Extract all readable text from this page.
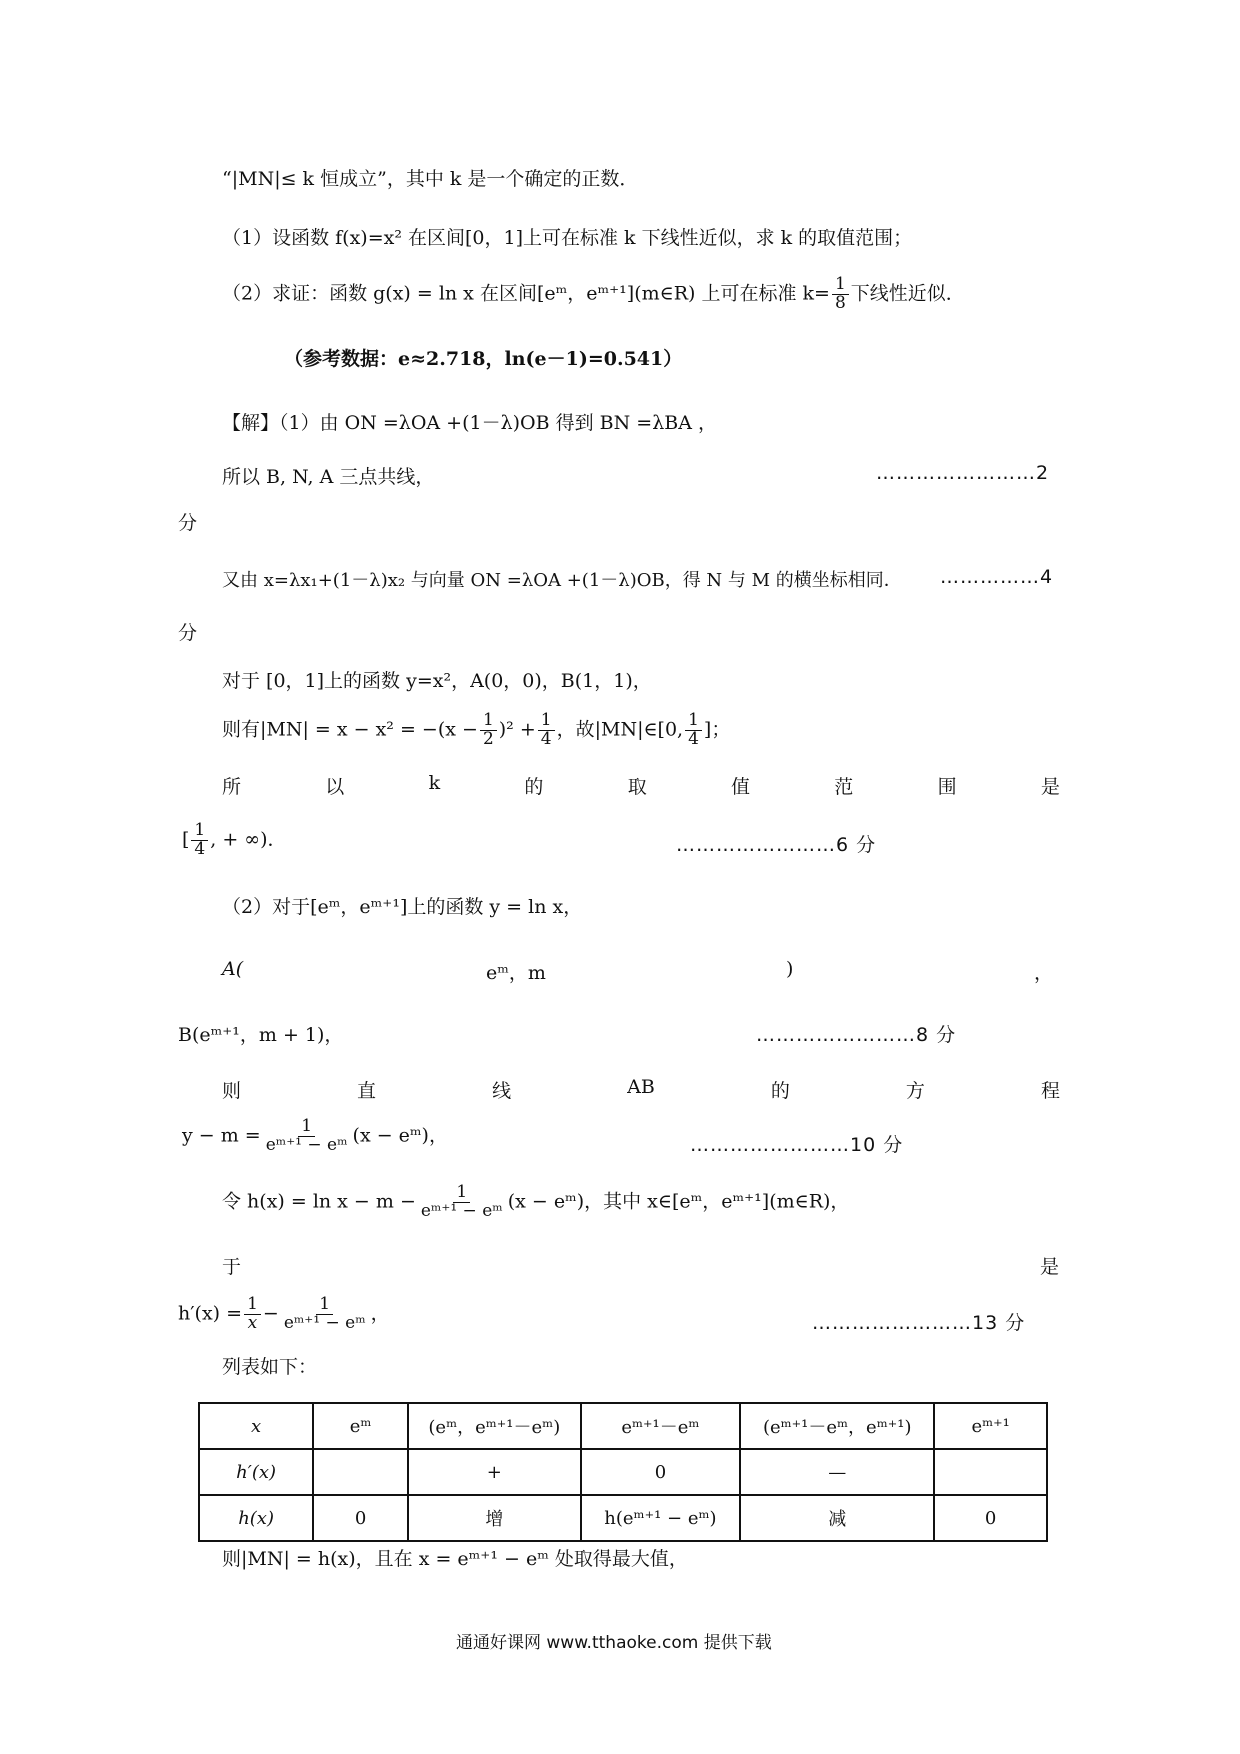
“|MN|≤ k 恒成立”，其中 k 是一个确定的正数．
（1）设函数 f(x)=x² 在区间[0，1]上可在标准 k 下线性近似，求 k 的取值范围；
（2）求证：函数 g(x) = ln x 在区间[eᵐ，eᵐ⁺¹](m∈R) 上可在标准 $k= \frac{1}{8}$ 下线性近似．
（参考数据：e≈2.718，ln(e－1)=0.541）
【解】（1）由 ON =λOA +(1－λ)OB 得到 BN =λBA ，
所以 B, N, A 三点共线，	……………………2
分
又由 x=λx₁+(1－λ)x₂ 与向量 ON =λOA +(1－λ)OB，得 N 与 M 的横坐标相同． ……………4
分
对于 [0，1]上的函数 y=x²，A(0，0)，B(1，1)，
则有$|MN| = x - x^2 = -(x - \frac{1}{2} )^2 + \frac{1}{4}$ ，故|MN|∈[0, $\frac{1}{4}$ ]；
所	以	k	的	取	值	范	围	是
[ $\frac{1}{4}$ , + ∞)．	……………………6 分
（2）对于[eᵐ，eᵐ⁺¹]上的函数 y = ln x，
A(	eᵐ，m	)	，
B(eᵐ⁺¹，m + 1)，	……………………8 分
则	直	线	AB	的	方	程
$y - m = \frac{1}{\text{eᵐ⁺¹ − eᵐ}} (x$ − eᵐ)，	……………………10 分
令 $h(x) = \ln x - m - \frac{1}{\text{eᵐ⁺¹ − eᵐ}} (x$ − eᵐ)，其中 x∈[eᵐ，eᵐ⁺¹](m∈R)，
于	是
$h'(x) = \frac{1}{x} - \frac{1}{\text{eᵐ⁺¹ − eᵐ}}$ ，	……………………13 分
列表如下：
x	eᵐ	(eᵐ，eᵐ⁺¹－eᵐ)	eᵐ⁺¹－eᵐ	(eᵐ⁺¹－eᵐ，eᵐ⁺¹)	eᵐ⁺¹
h′(x)		+	0	—	
h(x)	0	增	h(eᵐ⁺¹ − eᵐ)	减	0
则|MN| = h(x)，且在 x = eᵐ⁺¹ − eᵐ 处取得最大值，
通通好课网 www.tthaoke.com 提供下载
